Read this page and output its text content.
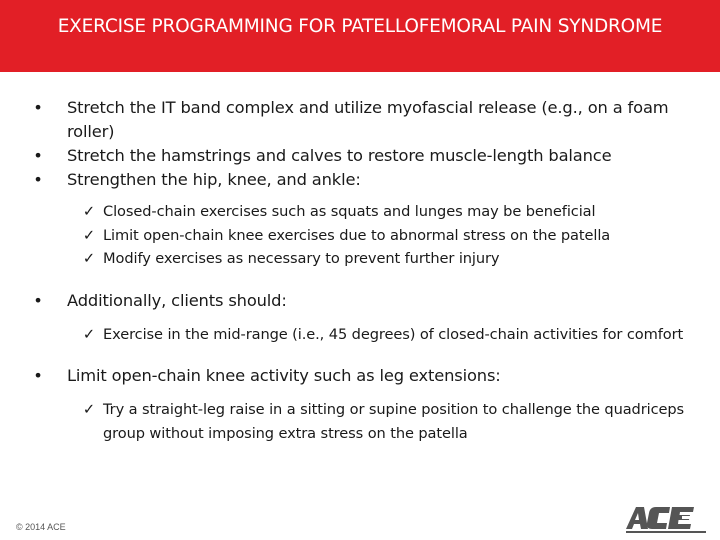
EXERCISE PROGRAMMING FOR PATELLOFEMORAL PAIN SYNDROME
•	Stretch the IT band complex and utilize myofascial release (e.g., on a foam roller)
•	Stretch the hamstrings and calves to restore muscle-length balance
•	Strengthen the hip, knee, and ankle:
✓ Closed-chain exercises such as squats and lunges may be beneficial
✓ Limit open-chain knee exercises due to abnormal stress on the patella
✓ Modify exercises as necessary to prevent further injury
•	Additionally, clients should:
✓ Exercise in the mid-range (i.e., 45 degrees) of closed-chain activities for comfort
•	Limit open-chain knee activity such as leg extensions:
✓ Try a straight-leg raise in a sitting or supine position to challenge the quadriceps group without imposing extra stress on the patella
© 2014 ACE
